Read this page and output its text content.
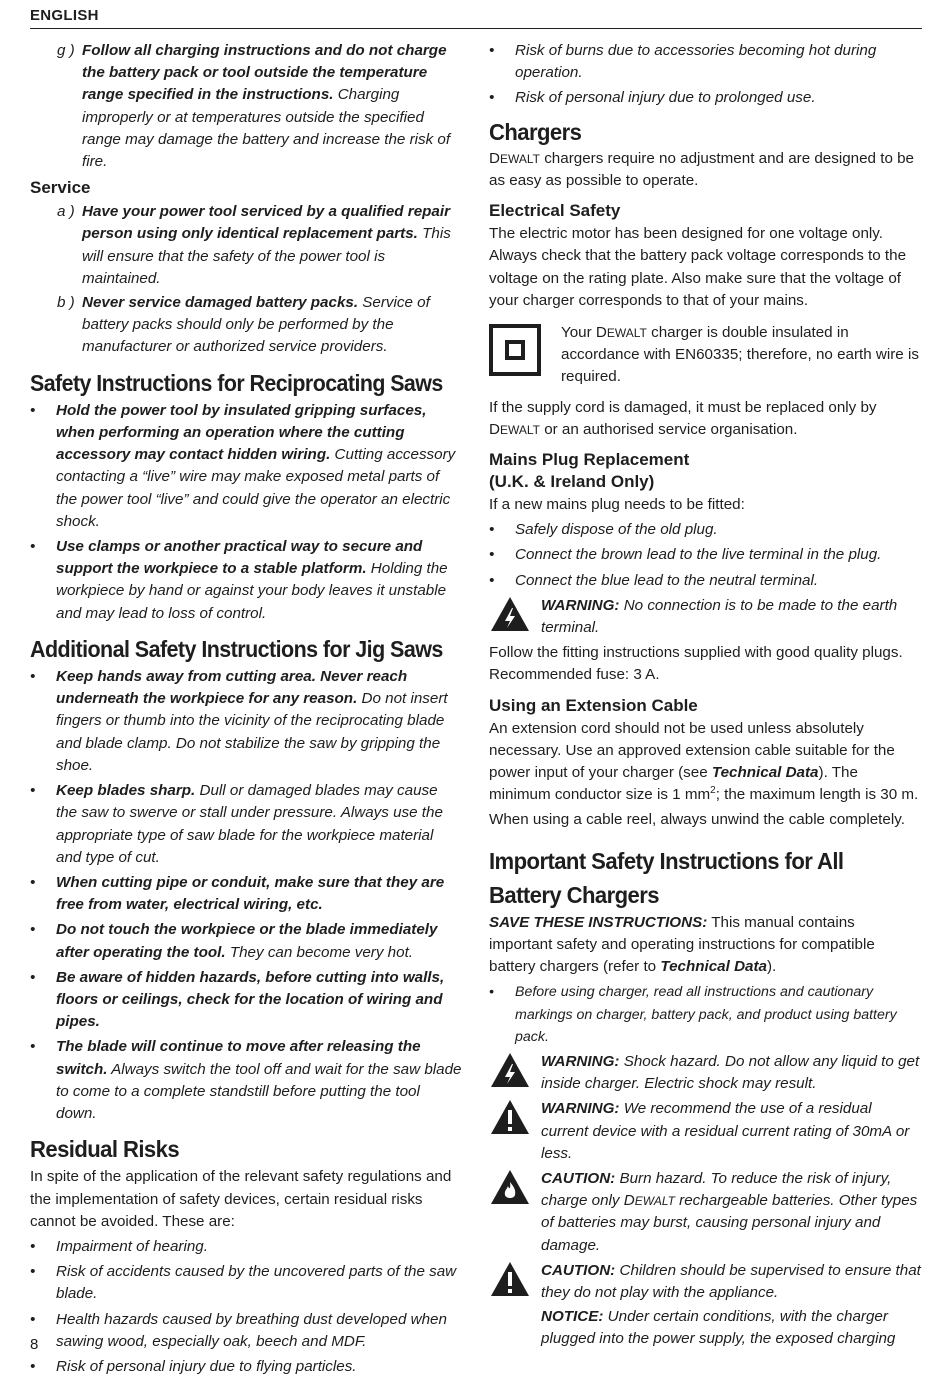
ENGLISH
g ) Follow all charging instructions and do not charge the battery pack or tool outside the temperature range specified in the instructions. Charging improperly or at temperatures outside the specified range may damage the battery and increase the risk of fire.
Service
a ) Have your power tool serviced by a qualified repair person using only identical replacement parts. This will ensure that the safety of the power tool is maintained.
b ) Never service damaged battery packs. Service of battery packs should only be performed by the manufacturer or authorized service providers.
Safety Instructions for Reciprocating Saws
• Hold the power tool by insulated gripping surfaces, when performing an operation where the cutting accessory may contact hidden wiring. Cutting accessory contacting a “live” wire may make exposed metal parts of the power tool “live” and could give the operator an electric shock.
• Use clamps or another practical way to secure and support the workpiece to a stable platform. Holding the workpiece by hand or against your body leaves it unstable and may lead to loss of control.
Additional Safety Instructions for Jig Saws
• Keep hands away from cutting area. Never reach underneath the workpiece for any reason. Do not insert fingers or thumb into the vicinity of the reciprocating blade and blade clamp. Do not stabilize the saw by gripping the shoe.
• Keep blades sharp. Dull or damaged blades may cause the saw to swerve or stall under pressure. Always use the appropriate type of saw blade for the workpiece material and type of cut.
• When cutting pipe or conduit, make sure that they are free from water, electrical wiring, etc.
• Do not touch the workpiece or the blade immediately after operating the tool. They can become very hot.
• Be aware of hidden hazards, before cutting into walls, floors or ceilings, check for the location of wiring and pipes.
• The blade will continue to move after releasing the switch. Always switch the tool off and wait for the saw blade to come to a complete standstill before putting the tool down.
Residual Risks

In spite of the application of the relevant safety regulations and the implementation of safety devices, certain residual risks cannot be avoided. These are:

• Impairment of hearing.
• Risk of accidents caused by the uncovered parts of the saw blade.
• Health hazards caused by breathing dust developed when sawing wood, especially oak, beech and MDF.
• Risk of personal injury due to flying particles.
• Risk of burns due to accessories becoming hot during operation.
• Risk of personal injury due to prolonged use.
Chargers

DEWALT chargers require no adjustment and are designed to be as easy as possible to operate.

Electrical Safety

The electric motor has been designed for one voltage only. Always check that the battery pack voltage corresponds to the voltage on the rating plate. Also make sure that the voltage of your charger corresponds to that of your mains.

Your DEWALT charger is double insulated in accordance with EN60335; therefore, no earth wire is required.

If the supply cord is damaged, it must be replaced only by DEWALT or an authorised service organisation.

Mains Plug Replacement
(U.K. & Ireland Only)

If a new mains plug needs to be fitted:

• Safely dispose of the old plug.
• Connect the brown lead to the live terminal in the plug.
• Connect the blue lead to the neutral terminal.
WARNING: No connection is to be made to the earth terminal.

Follow the fitting instructions supplied with good quality plugs. Recommended fuse: 3 A.

Using an Extension Cable

An extension cord should not be used unless absolutely necessary. Use an approved extension cable suitable for the power input of your charger (see Technical Data). The minimum conductor size is 1 $mm^2$; the maximum length is 30 m.

When using a cable reel, always unwind the cable completely.

Important Safety Instructions for All
Battery Chargers

SAVE THESE INSTRUCTIONS: This manual contains important safety and operating instructions for compatible battery chargers (refer to Technical Data).

• Before using charger, read all instructions and cautionary markings on charger, battery pack, and product using battery pack.
WARNING: Shock hazard. Do not allow any liquid to get inside charger. Electric shock may result.
WARNING: We recommend the use of a residual current device with a residual current rating of 30mA or less.
CAUTION: Burn hazard. To reduce the risk of injury, charge only DEWALT rechargeable batteries. Other types of batteries may burst, causing personal injury and damage.
CAUTION: Children should be supervised to ensure that they do not play with the appliance.
NOTICE: Under certain conditions, with the charger plugged into the power supply, the exposed charging
8
